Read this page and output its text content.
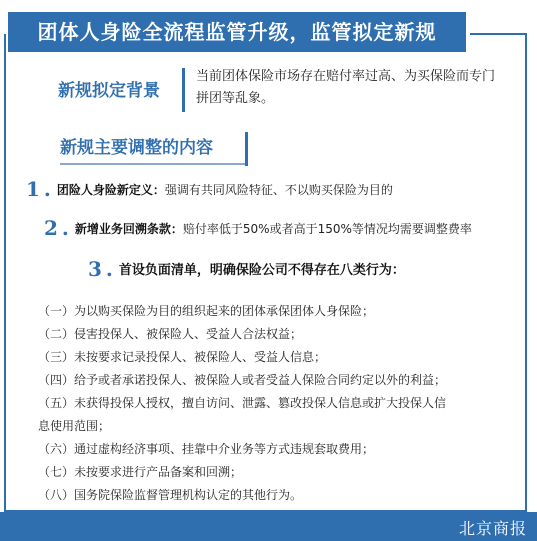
团体人身险全流程监管升级，监管拟定新规
新规拟定背景
当前团体保险市场存在赔付率过高、为买保险而专门拼团等乱象。
新规主要调整的内容
1 . 团险人身险新定义：强调有共同风险特征、不以购买保险为目的
2 . 新增业务回溯条款：赔付率低于50%或者高于150%等情况均需要调整费率
3 . 首设负面清单，明确保险公司不得存在八类行为：
（一）为以购买保险为目的组织起来的团体承保团体人身保险；
（二）侵害投保人、被保险人、受益人合法权益；
（三）未按要求记录投保人、被保险人、受益人信息；
（四）给予或者承诺投保人、被保险人或者受益人保险合同约定以外的利益；
（五）未获得投保人授权，擅自访问、泄露、篡改投保人信息或扩大投保人信
息使用范围；
（六）通过虚构经济事项、挂靠中介业务等方式违规套取费用；
（七）未按要求进行产品备案和回溯；
（八）国务院保险监督管理机构认定的其他行为。
北京商报
